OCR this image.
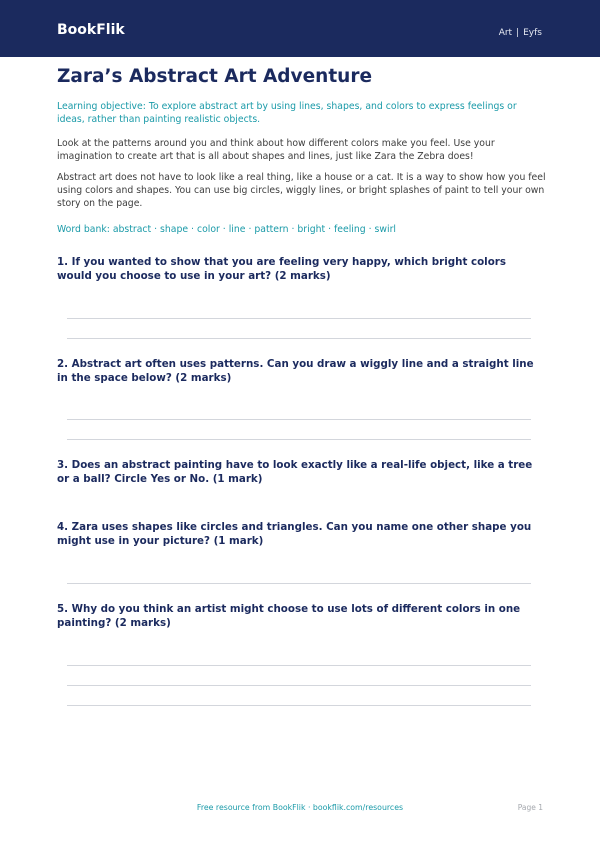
BookFlik	Art | Eyfs
Zara’s Abstract Art Adventure
Learning objective: To explore abstract art by using lines, shapes, and colors to express feelings or ideas, rather than painting realistic objects.
Look at the patterns around you and think about how different colors make you feel. Use your imagination to create art that is all about shapes and lines, just like Zara the Zebra does!
Abstract art does not have to look like a real thing, like a house or a cat. It is a way to show how you feel using colors and shapes. You can use big circles, wiggly lines, or bright splashes of paint to tell your own story on the page.
Word bank: abstract · shape · color · line · pattern · bright · feeling · swirl
1. If you wanted to show that you are feeling very happy, which bright colors would you choose to use in your art? (2 marks)
2. Abstract art often uses patterns. Can you draw a wiggly line and a straight line in the space below? (2 marks)
3. Does an abstract painting have to look exactly like a real-life object, like a tree or a ball? Circle Yes or No. (1 mark)
4. Zara uses shapes like circles and triangles. Can you name one other shape you might use in your picture? (1 mark)
5. Why do you think an artist might choose to use lots of different colors in one painting? (2 marks)
Free resource from BookFlik · bookflik.com/resources	Page 1
